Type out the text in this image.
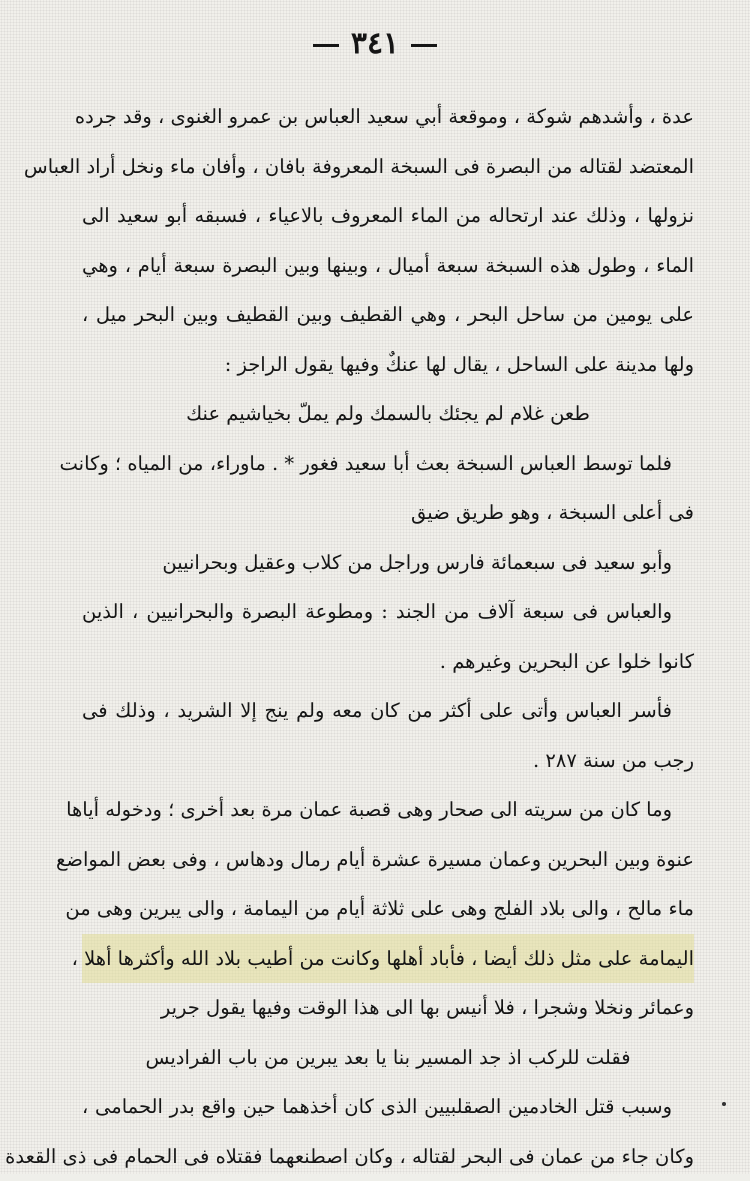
٣٤١
عدة ، وأشدهم شوكة ، وموقعة أبي سعيد العباس بن عمرو الغنوى ، وقد جرده
المعتضد لقتاله من البصرة فى السبخة المعروفة بافان ، وأفان ماء ونخل أراد العباس
نزولها ، وذلك عند ارتحاله من الماء المعروف بالاعياء ، فسبقه أبو سعيد الى
الماء ، وطول هذه السبخة سبعة أميال ، وبينها وبين البصرة سبعة أيام ، وهي
على يومين من ساحل البحر ، وهي القطيف وبين القطيف وبين البحر ميل ،
ولها مدينة على الساحل ، يقال لها عنكٌ وفيها يقول الراجز :
طعن غلام لم يجئك بالسمك ولم يملّ بخياشيم عنك
فلما توسط العباس السبخة بعث أبا سعيد فغور * . ماوراء، من المياه ؛ وكانت
فى أعلى السبخة ، وهو طريق ضيق
وأبو سعيد فى سبعمائة فارس وراجل من كلاب وعقيل وبحرانيين
والعباس فى سبعة آلاف من الجند : ومطوعة البصرة والبحرانيين ، الذين
كانوا خلوا عن البحرين وغيرهم .
فأسر العباس وأتى على أكثر من كان معه ولم ينج إلا الشريد ، وذلك فى
رجب من سنة ٢٨٧ .
وما كان من سريته الى صحار وهى قصبة عمان مرة بعد أخرى ؛ ودخوله أياها
عنوة وبين البحرين وعمان مسيرة عشرة أيام رمال ودهاس ، وفى بعض المواضع
ماء مالح ، والى بلاد الفلج وهى على ثلاثة أيام من اليمامة ، والى يبرين وهى من
اليمامة على مثل ذلك أيضا ، فأباد أهلها وكانت من أطيب بلاد الله وأكثرها أهلا ،
وعمائر ونخلا وشجرا ، فلا أنيس بها الى هذا الوقت وفيها يقول جرير
فقلت للركب اذ جد المسير بنا يا بعد يبرين من باب الفراديس
وسبب قتل الخادمين الصقلبيين الذى كان أخذهما حين واقع بدر الحمامى ،
وكان جاء من عمان فى البحر لقتاله ، وكان اصطنعهما فقتلاه فى الحمام فى ذى القعدة
